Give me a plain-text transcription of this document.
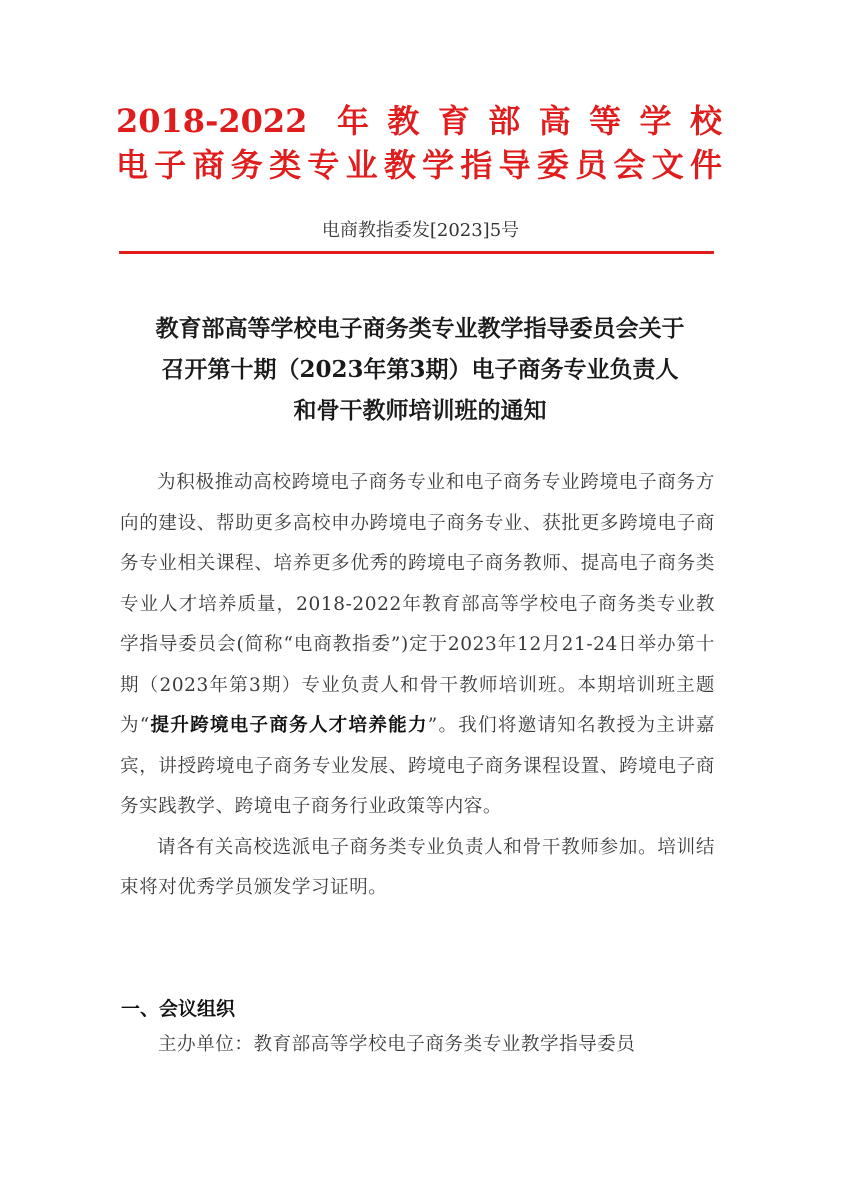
2018-2022 年教育部高等学校
电子商务类专业教学指导委员会文件
电商教指委发[2023]5号
教育部高等学校电子商务类专业教学指导委员会关于
召开第十期（2023年第3期）电子商务专业负责人
和骨干教师培训班的通知

为积极推动高校跨境电子商务专业和电子商务专业跨境电子商务方向的建设、帮助更多高校申办跨境电子商务专业、获批更多跨境电子商务专业相关课程、培养更多优秀的跨境电子商务教师、提高电子商务类专业人才培养质量，2018-2022年教育部高等学校电子商务类专业教学指导委员会(简称“电商教指委”)定于2023年12月21-24日举办第十期（2023年第3期）专业负责人和骨干教师培训班。本期培训班主题为“提升跨境电子商务人才培养能力”。我们将邀请知名教授为主讲嘉宾，讲授跨境电子商务专业发展、跨境电子商务课程设置、跨境电子商务实践教学、跨境电子商务行业政策等内容。

请各有关高校选派电子商务类专业负责人和骨干教师参加。培训结束将对优秀学员颁发学习证明。

一、会议组织
主办单位：教育部高等学校电子商务类专业教学指导委员
